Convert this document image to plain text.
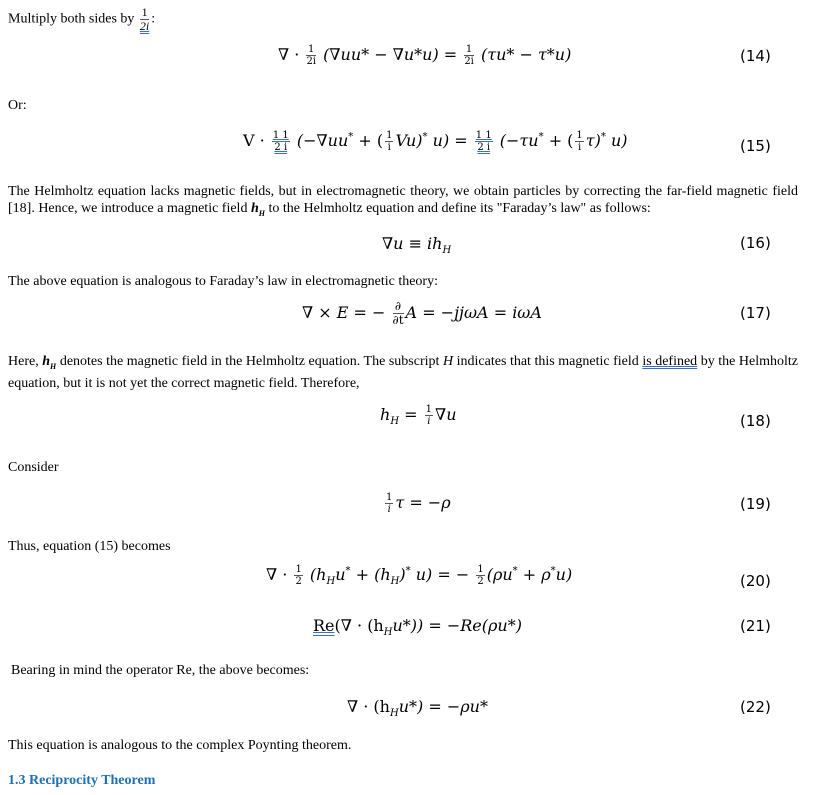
Multiply both sides by $\frac{1}{2i}$ :
∇ · $\frac{1}{2i} (\nabla uu* - \nabla u*u) = \frac{1}{2i} (\tau u* - \tau*u)$	(14)
Or:
$V \cdot \frac{1 1}{2 i} (-\nabla uu^*$ + ( $\frac{1}{i} Vu)^*$ $u) = \frac{1 1}{2 i} (-\tau u^*$ + ( $\frac{1}{i} \tau)^*$ u)	(15)
The Helmholtz equation lacks magnetic fields, but in electromagnetic theory, we obtain particles by correcting the far-field magnetic field [18]. Hence, we introduce a magnetic field $h_H$ to the Helmholtz equation and define its "Faraday’s law" as follows:
$\nabla u \equiv ih_H$	(16)
The above equation is analogous to Faraday’s law in electromagnetic theory:
∇ × E = − $\frac{\partial}{\partial t}$ A = −jjωA = iωA	(17)
Here, $h_H$ denotes the magnetic field in the Helmholtz equation. The subscript H indicates that this magnetic field is defined by the Helmholtz equation, but it is not yet the correct magnetic field. Therefore,
$h_H = \frac{1}{i} \nabla u$	(18)
Consider
$\frac{1}{i}$ τ = −ρ	(19)
Thus, equation (15) becomes
∇ · $\frac{1}{2} (h_Hu^* + (h_H)^*$ u) = − $\frac{1}{2} (\rho u^* + \rho^*u)$	(20)
$Re(\nabla \cdot (h_Hu*)) = -Re(\rho u*)$	(21)
Bearing in mind the operator Re, the above becomes:
∇ · $(h_Hu*) = -\rho u*$	(22)
This equation is analogous to the complex Poynting theorem.
1.3 Reciprocity Theorem
